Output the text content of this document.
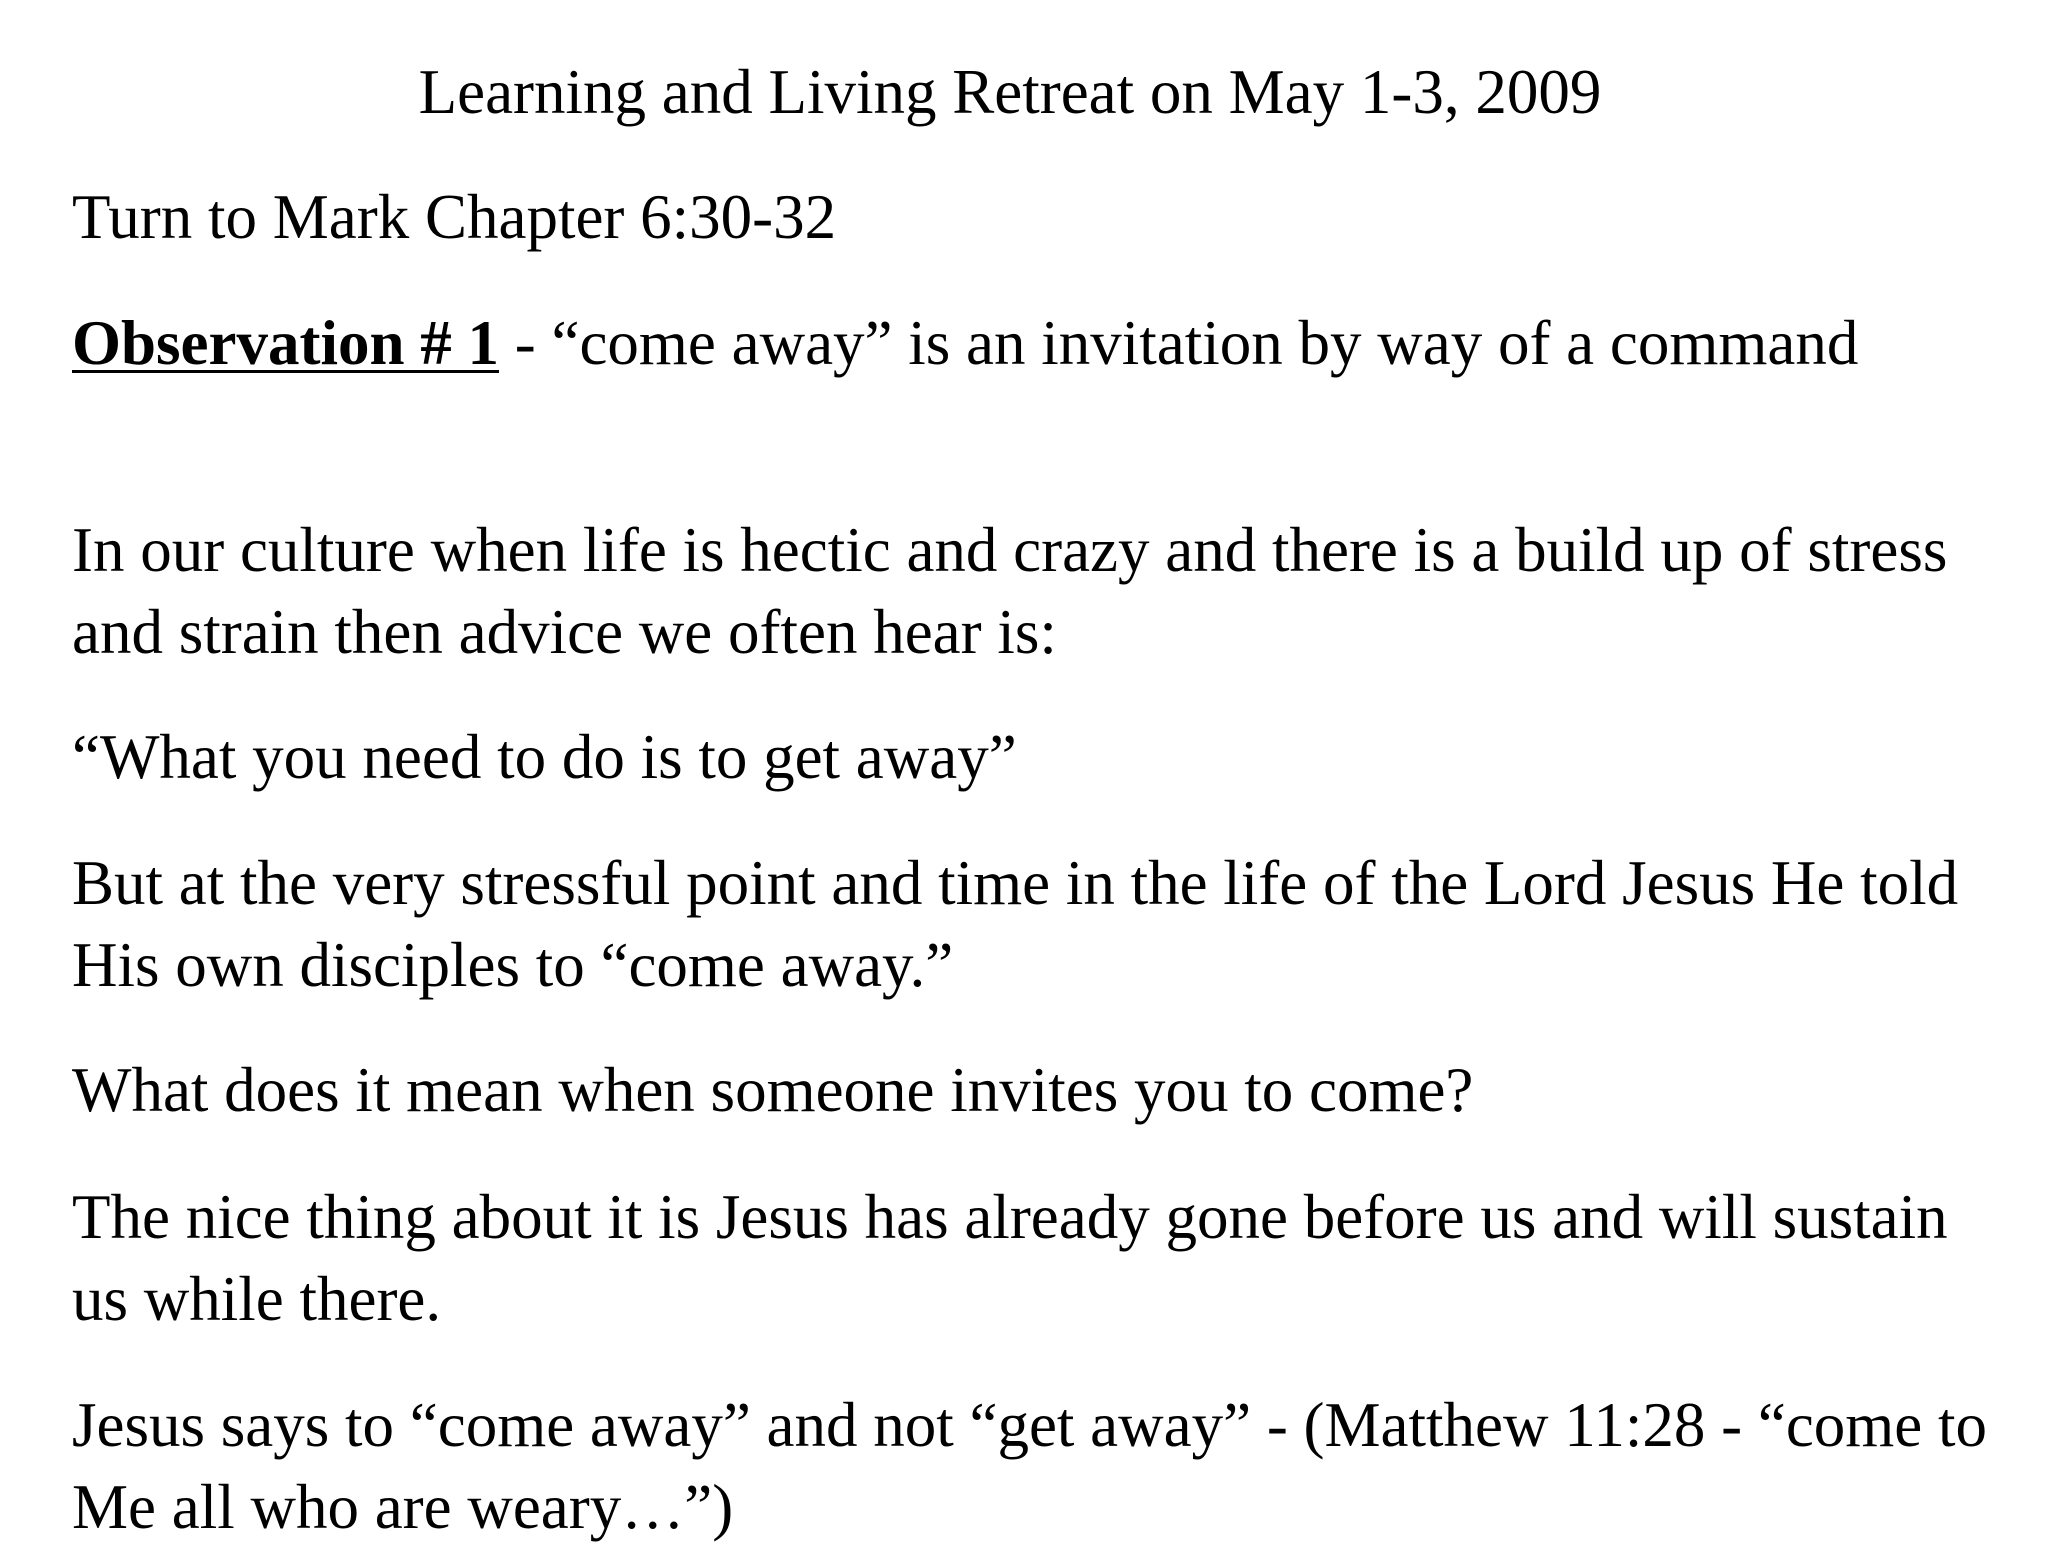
Learning and Living Retreat on May 1-3, 2009

Turn to Mark Chapter 6:30-32

Observation # 1 - “come away” is an invitation by way of a command

In our culture when life is hectic and crazy and there is a build up of stress and strain then advice we often hear is:

“What you need to do is to get away”

But at the very stressful point and time in the life of the Lord Jesus He told His own disciples to “come away.”

What does it mean when someone invites you to come?

The nice thing about it is Jesus has already gone before us and will sustain us while there.

Jesus says to “come away” and not “get away” - (Matthew 11:28 - “come to Me all who are weary…”)
